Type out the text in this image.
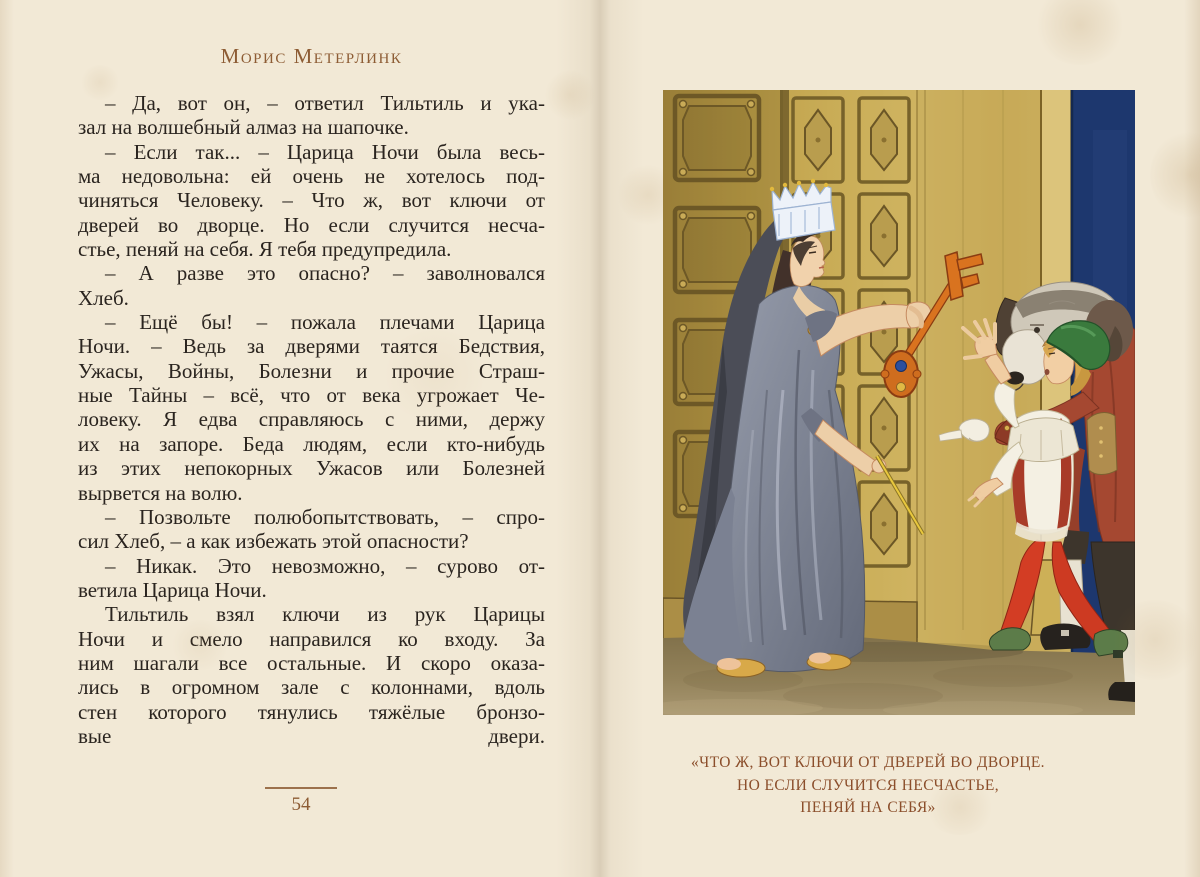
Морис Метерлинк
– Да, вот он, – ответил Тильтиль и ука-
зал на волшебный алмаз на шапочке.
– Если так... – Царица Ночи была весь-
ма недовольна: ей очень не хотелось под-
чиняться Человеку. – Что ж, вот ключи от
дверей во дворце. Но если случится несча-
стье, пеняй на себя. Я тебя предупредила.
– А разве это опасно? – заволновался
Хлеб.
– Ещё бы! – пожала плечами Царица
Ночи. – Ведь за дверями таятся Бедствия,
Ужасы, Войны, Болезни и прочие Страш-
ные Тайны – всё, что от века угрожает Че-
ловеку. Я едва справляюсь с ними, держу
их на запоре. Беда людям, если кто-нибудь
из этих непокорных Ужасов или Болезней
вырвется на волю.
– Позвольте полюбопытствовать, – спро-
сил Хлеб, – а как избежать этой опасности?
– Никак. Это невозможно, – сурово от-
ветила Царица Ночи.
Тильтиль взял ключи из рук Царицы
Ночи и смело направился ко входу. За
ним шагали все остальные. И скоро оказа-
лись в огромном зале с колоннами, вдоль
стен которого тянулись тяжёлые бронзо-
вые двери.
54
«ЧТО Ж, ВОТ КЛЮЧИ ОТ ДВЕРЕЙ ВО ДВОРЦЕ.
НО ЕСЛИ СЛУЧИТСЯ НЕСЧАСТЬЕ,
ПЕНЯЙ НА СЕБЯ»
